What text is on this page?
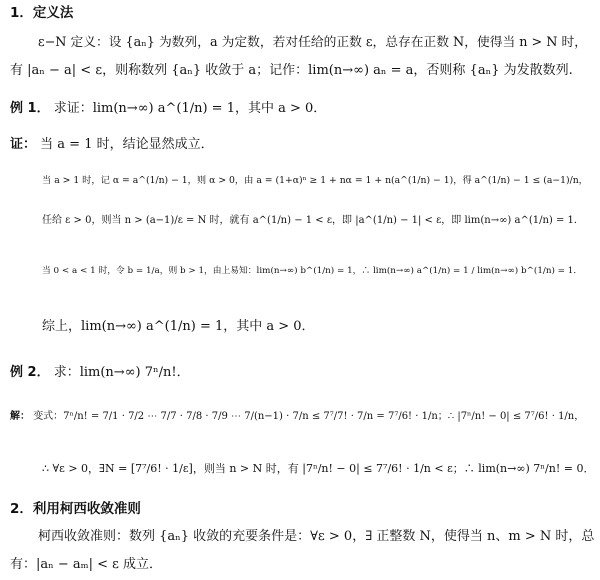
1．定义法
ε−N 定义：设 {aₙ} 为数列，a 为定数，若对任给的正数 ε，总存在正数 N，使得当 n > N 时，
有 |aₙ − a| < ε，则称数列 {aₙ} 收敛于 a；记作：lim(n→∞) aₙ = a，否则称 {aₙ} 为发散数列.
例 1． 求证：lim(n→∞) a^(1/n) = 1，其中 a > 0．
证： 当 a = 1 时，结论显然成立．
当 a > 1 时，记 α = a^(1/n) − 1，则 α > 0，由 a = (1+α)ⁿ ≥ 1 + nα = 1 + n(a^(1/n) − 1)，得 a^(1/n) − 1 ≤ (a−1)/n，
任给 ε > 0，则当 n > (a−1)/ε = N 时，就有 a^(1/n) − 1 < ε，即 |a^(1/n) − 1| < ε，即 lim(n→∞) a^(1/n) = 1．
当 0 < a < 1 时，令 b = 1/a，则 b > 1，由上易知：lim(n→∞) b^(1/n) = 1，∴ lim(n→∞) a^(1/n) = 1 / lim(n→∞) b^(1/n) = 1．
综上，lim(n→∞) a^(1/n) = 1，其中 a > 0．
例 2． 求：lim(n→∞) 7ⁿ/n!．
解： 变式：7ⁿ/n! = 7/1 · 7/2 ⋯ 7/7 · 7/8 · 7/9 ⋯ 7/(n−1) · 7/n ≤ 7⁷/7! · 7/n = 7⁷/6! · 1/n；∴ |7ⁿ/n! − 0| ≤ 7⁷/6! · 1/n，
∴ ∀ε > 0，∃N = [7⁷/6! · 1/ε]，则当 n > N 时，有 |7ⁿ/n! − 0| ≤ 7⁷/6! · 1/n < ε；∴ lim(n→∞) 7ⁿ/n! = 0．
2．利用柯西收敛准则
柯西收敛准则：数列 {aₙ} 收敛的充要条件是：∀ε > 0，∃ 正整数 N，使得当 n、m > N 时，总
有：|aₙ − aₘ| < ε 成立．
